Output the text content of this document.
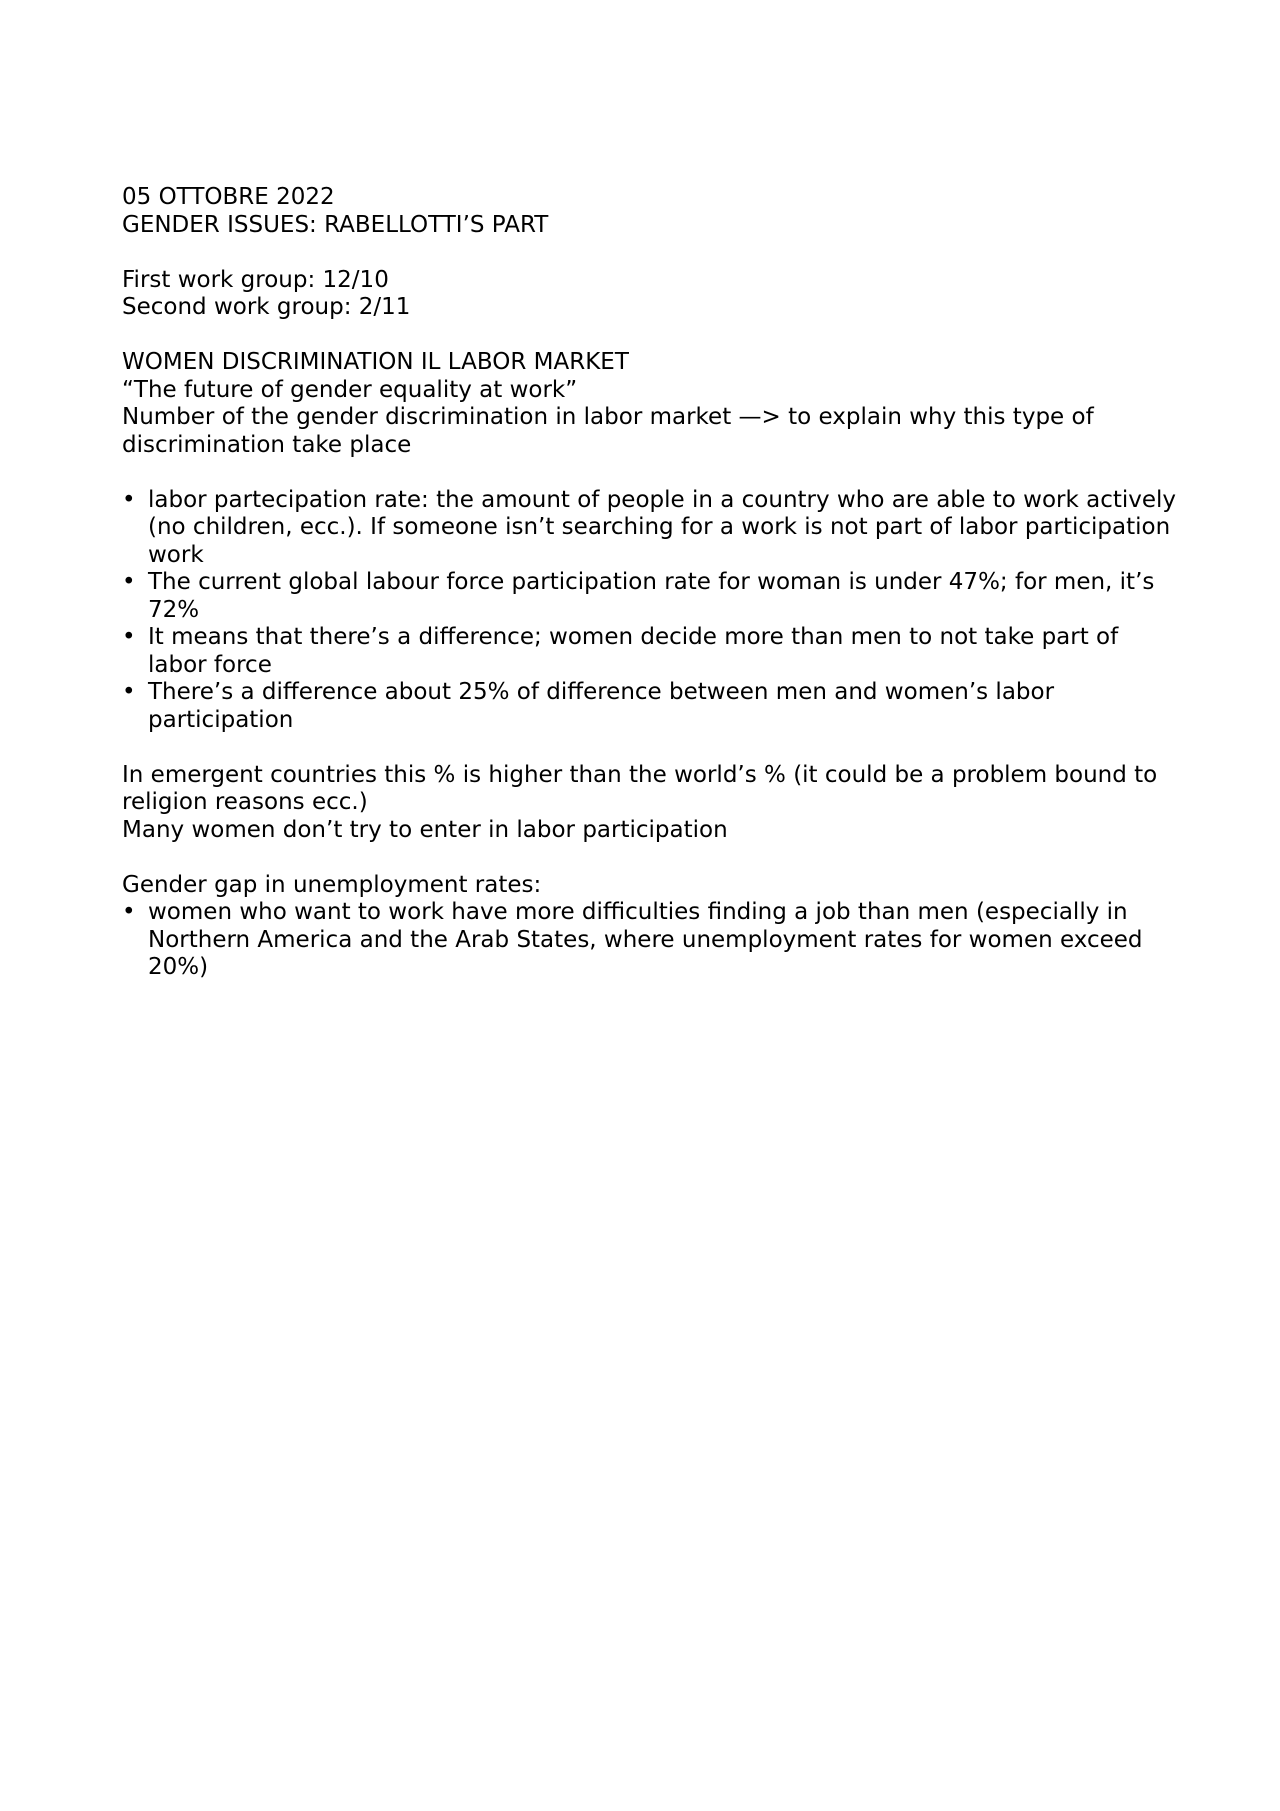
05 OTTOBRE 2022
GENDER ISSUES: RABELLOTTI’S PART
First work group: 12/10
Second work group: 2/11
WOMEN DISCRIMINATION IL LABOR MARKET
“The future of gender equality at work”
Number of the gender discrimination in labor market —> to explain why this type of discrimination take place
• labor partecipation rate: the amount of people in a country who are able to work actively (no children, ecc.). If someone isn’t searching for a work is not part of labor participation work
• The current global labour force participation rate for woman is under 47%; for men, it’s 72%
• It means that there’s a difference; women decide more than men to not take part of labor force
• There’s a difference about 25% of difference between men and women’s labor participation
In emergent countries this % is higher than the world’s % (it could be a problem bound to religion reasons ecc.)
Many women don’t try to enter in labor participation
Gender gap in unemployment rates:
• women who want to work have more difficulties finding a job than men (especially in Northern America and the Arab States, where unemployment rates for women exceed 20%)
